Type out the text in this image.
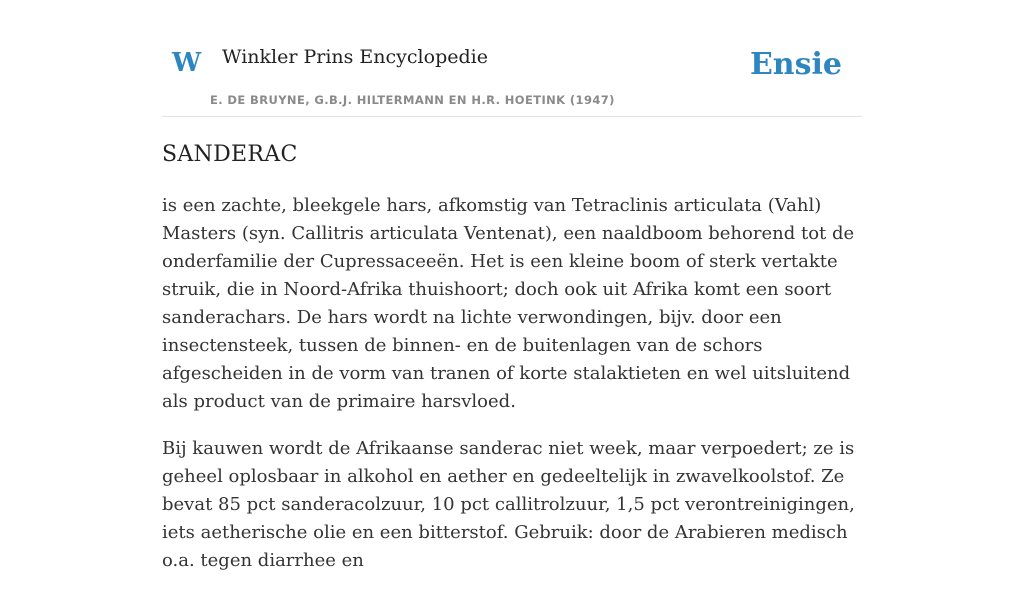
W Winkler Prins Encyclopedie
E. DE BRUYNE, G.B.J. HILTERMANN EN H.R. HOETINK (1947)
Ensie
SANDERAC

is een zachte, bleekgele hars, afkomstig van Tetraclinis articulata (Vahl) Masters (syn. Callitris articulata Ventenat), een naaldboom behorend tot de onderfamilie der Cupressaceeën. Het is een kleine boom of sterk vertakte struik, die in Noord-Afrika thuishoort; doch ook uit Afrika komt een soort sanderachars. De hars wordt na lichte verwondingen, bijv. door een insectensteek, tussen de binnen- en de buitenlagen van de schors afgescheiden in de vorm van tranen of korte stalaktieten en wel uitsluitend als product van de primaire harsvloed.

Bij kauwen wordt de Afrikaanse sanderac niet week, maar verpoedert; ze is geheel oplosbaar in alkohol en aether en gedeeltelijk in zwavelkoolstof. Ze bevat 85 pct sanderacolzuur, 10 pct callitrolzuur, 1,5 pct verontreinigingen, iets aetherische olie en een bitterstof. Gebruik: door de Arabieren medisch o.a. tegen diarrhee en
